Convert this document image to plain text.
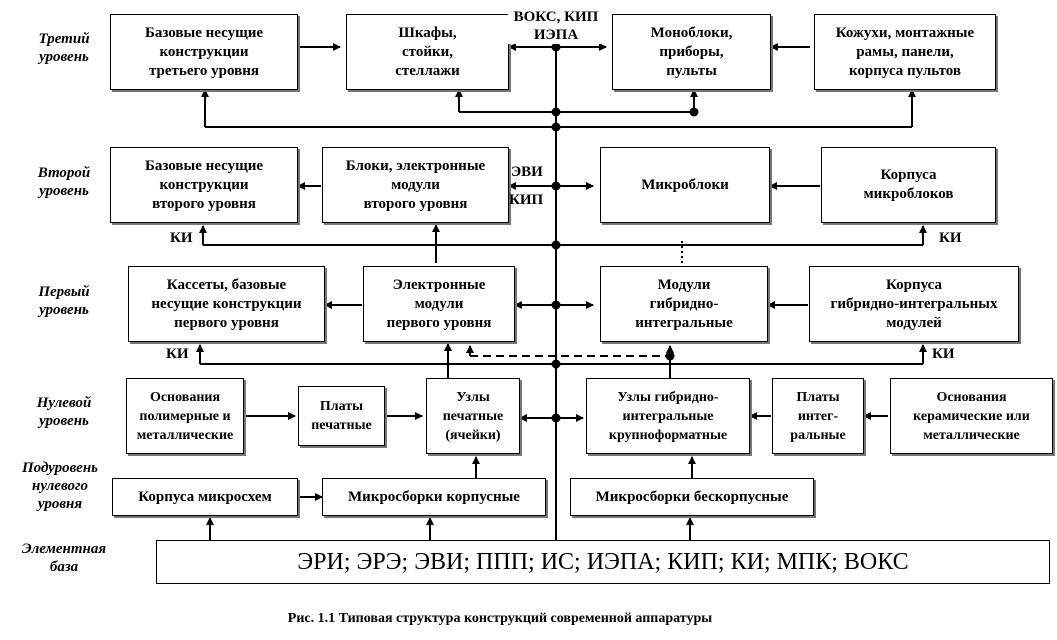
Третий
уровень
Второй
уровень
Первый
уровень
Нулевой
уровень
Подуровень
нулевого
уровня
Элементная
база
Базовые несущие
конструкции
третьего уровня
Шкафы,
стойки,
стеллажи
Моноблоки,
приборы,
пульты
Кожухи, монтажные
рамы, панели,
корпуса пультов
Базовые несущие
конструкции
второго уровня
Блоки, электронные
модули
второго уровня
Микроблоки
Корпуса
микроблоков
Кассеты, базовые
несущие конструкции
первого уровня
Электронные
модули
первого уровня
Модули
гибридно-
интегральные
Корпуса
гибридно-интегральных
модулей
Основания
полимерные и
металлические
Платы
печатные
Узлы
печатные
(ячейки)
Узлы гибридно-
интегральные
крупноформатные
Платы
интег-
ральные
Основания
керамические или
металлические
Корпуса микросхем	Микросборки корпусные	Микросборки бескорпусные
ВОКС, КИП
ИЭПА
ЭВИ
КИП
КИ	КИ
КИ	КИ
ЭРИ; ЭРЭ; ЭВИ; ППП; ИС; ИЭПА; КИП; КИ; МПК; ВОКС
Рис. 1.1 Типовая структура конструкций современной аппаратуры
